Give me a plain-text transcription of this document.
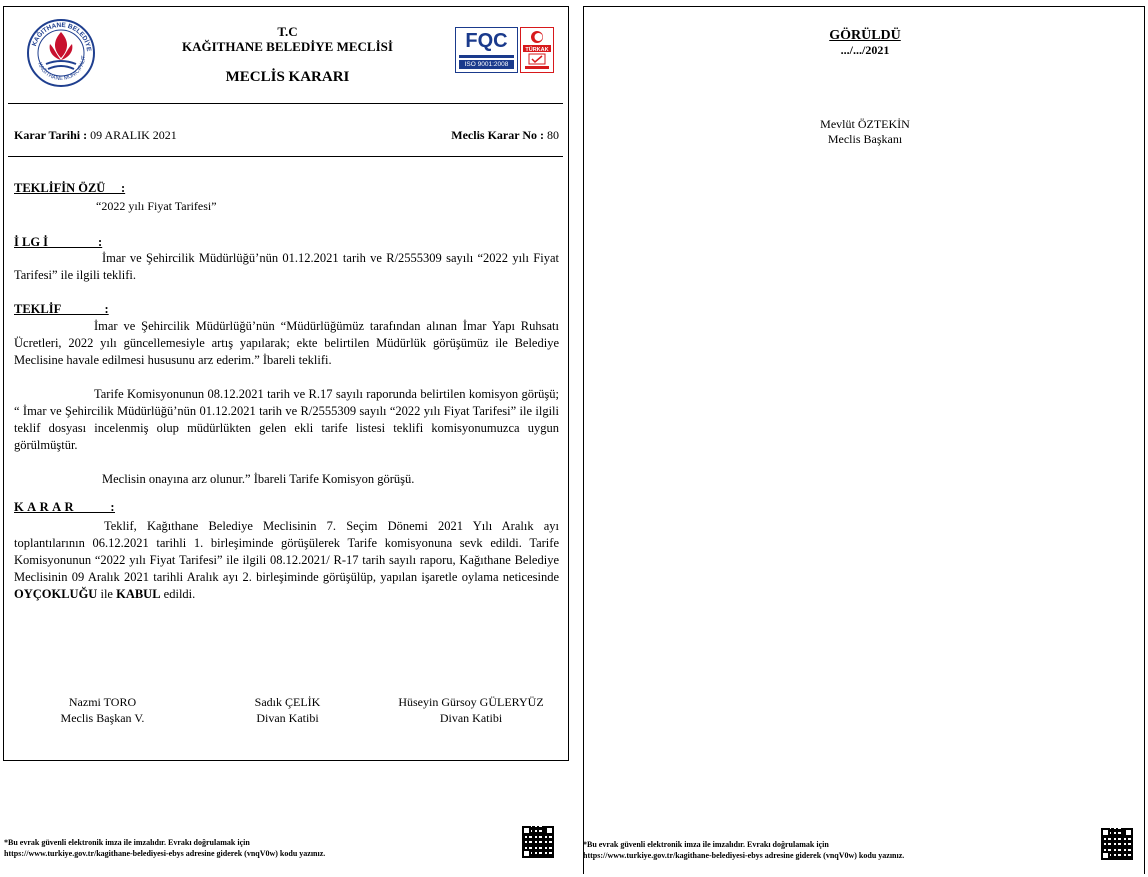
KAĞITHANE BELEDİYE
KAĞITHANE MUNICIPALIT
T.C
KAĞITHANE BELEDİYE MECLİSİ
MECLİS KARARI
FQC
ISO 9001:2008
TÜRKAK
Karar Tarihi : 09 ARALIK 2021	Meclis Karar No : 80
TEKLİFİN ÖZÜ     :
“2022 yılı Fiyat Tarifesi”
İ LG İ                :

İmar ve Şehircilik Müdürlüğü’nün 01.12.2021 tarih ve R/2555309 sayılı “2022 yılı Fiyat Tarifesi” ile ilgili teklifi.

TEKLİF              :

İmar ve Şehircilik Müdürlüğü’nün “Müdürlüğümüz tarafından alınan İmar Yapı Ruhsatı Ücretleri, 2022 yılı güncellemesiyle artış yapılarak; ekte belirtilen Müdürlük görüşümüz ile Belediye Meclisine havale edilmesi hususunu arz ederim.” İbareli teklifi.

Tarife Komisyonunun 08.12.2021 tarih ve R.17 sayılı raporunda belirtilen komisyon görüşü; “ İmar ve Şehircilik Müdürlüğü’nün 01.12.2021 tarih ve R/2555309 sayılı “2022 yılı Fiyat Tarifesi” ile ilgili teklif dosyası incelenmiş olup müdürlükten gelen ekli tarife listesi teklifi komisyonumuzca uygun görülmüştür.

Meclisin onayına arz olunur.” İbareli Tarife Komisyon görüşü.

K A R A R          :

Teklif, Kağıthane Belediye Meclisinin 7. Seçim Dönemi 2021 Yılı Aralık ayı toplantılarının 06.12.2021 tarihli 1. birleşiminde görüşülerek Tarife komisyonuna sevk edildi. Tarife Komisyonunun “2022 yılı Fiyat Tarifesi” ile ilgili 08.12.2021/ R-17 tarih sayılı raporu, Kağıthane Belediye Meclisinin 09 Aralık 2021 tarihli Aralık ayı 2. birleşiminde görüşülüp, yapılan işaretle oylama neticesinde OYÇOKLUĞU ile KABUL edildi.

Nazmi TORO
Meclis Başkan V.
Sadık ÇELİK
Divan Katibi
Hüseyin Gürsoy GÜLERYÜZ
Divan Katibi
*Bu evrak güvenli elektronik imza ile imzalıdır. Evrakı doğrulamak için
https://www.turkiye.gov.tr/kagithane-belediyesi-ebys adresine giderek (vnqV0w) kodu yazınız.
GÖRÜLDÜ
.../.../2021
Mevlüt ÖZTEKİN
Meclis Başkanı
*Bu evrak güvenli elektronik imza ile imzalıdır. Evrakı doğrulamak için
https://www.turkiye.gov.tr/kagithane-belediyesi-ebys adresine giderek (vnqV0w) kodu yazınız.
